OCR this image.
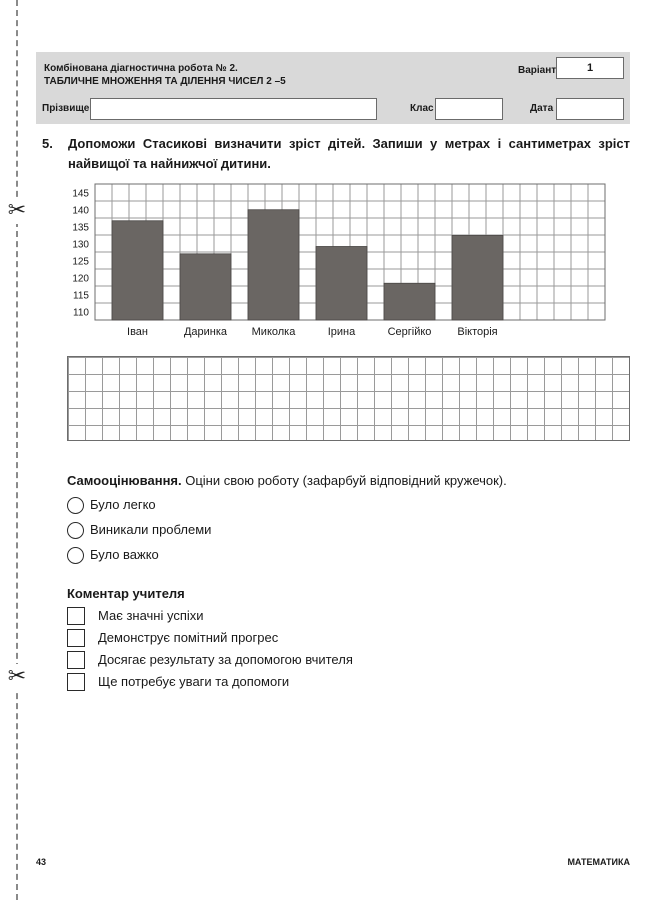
✂
✂
Комбінована діагностична робота № 2.
ТАБЛИЧНЕ МНОЖЕННЯ ТА ДІЛЕННЯ ЧИСЕЛ 2 –5
Варіант	1
Прізвище	Клас	Дата
5. Допоможи Стасикові визначити зріст дітей. Запиши у метрах і сантиметрах зріст найвищої та найнижчої дитини.
145
140
135
130
125
120
115
110
Іван	Даринка Миколка	Ірина	Сергійко Вікторія
Самооцінювання. Оціни свою роботу (зафарбуй відповідний кружечок).
Було легко
Виникали проблеми
Було важко
Коментар учителя
Має значні успіхи
Демонструє помітний прогрес
Досягає результату за допомогою вчителя
Ще потребує уваги та допомоги
43	МАТЕМАТИКА
